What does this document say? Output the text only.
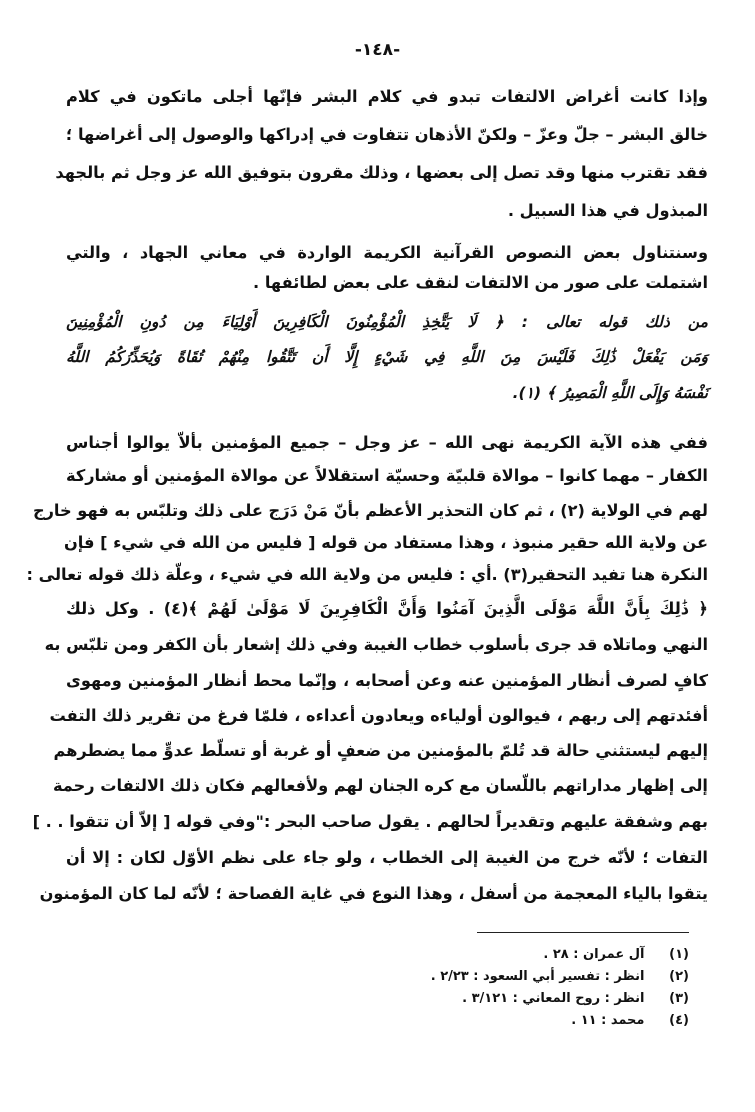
-١٤٨-
وإذا كانت أغراض الالتفات تبدو في كلام البشر فإنّها أجلى ماتكون في كلام
خالق البشر – جلّ وعزّ – ولكنّ الأذهان تتفاوت في إدراكها والوصول إلى أغراضها ؛
فقد تقترب منها وقد تصل إلى بعضها ، وذلك مقرون بتوفيق الله عز وجل ثم بالجهد
المبذول في هذا السبيل .
وسنتناول بعض النصوص القرآنية الكريمة الواردة في معاني الجهاد ، والتي
اشتملت على صور من الالتفات لنقف على بعض لطائفها .
من ذلك قوله تعالى : ﴿ لَا يَتَّخِذِ الْمُؤْمِنُونَ الْكَافِرِينَ أَوْلِيَاءَ مِن دُونِ الْمُؤْمِنِينَ
وَمَن يَفْعَلْ ذَٰلِكَ فَلَيْسَ مِنَ اللَّهِ فِي شَيْءٍ إِلَّا أَن تَتَّقُوا مِنْهُمْ تُقَاةً وَيُحَذِّرُكُمُ اللَّهُ
نَفْسَهُ وَإِلَى اللَّهِ الْمَصِيرُ ﴾ (١).
ففي هذه الآية الكريمة نهى الله – عز وجل – جميع المؤمنين بألاّ يوالوا أجناس
الكفار – مهما كانوا – موالاة قلبيّة وحسيّة استقلالاً عن موالاة المؤمنين أو مشاركة
لهم في الولاية (٢) ، ثم كان التحذير الأعظم بأنّ مَنْ دَرَج على ذلك وتلبّس به فهو خارج
عن ولاية الله حقير منبوذ ، وهذا مستفاد من قوله [ فليس من الله في شيء ] فإن
النكرة هنا تفيد التحقير(٣) .أي : فليس من ولاية الله في شيء ، وعلّة ذلك قوله تعالى :
﴿ ذَٰلِكَ بِأَنَّ اللَّهَ مَوْلَى الَّذِينَ آمَنُوا وَأَنَّ الْكَافِرِينَ لَا مَوْلَىٰ لَهُمْ ﴾(٤) . وكل ذلك
النهي وماتلاه قد جرى بأسلوب خطاب الغيبة وفي ذلك إشعار بأن الكفر ومن تلبّس به
كافٍ لصرف أنظار المؤمنين عنه وعن أصحابه ، وإنّما محط أنظار المؤمنين ومهوى
أفئدتهم إلى ربهم ، فيوالون أولياءه ويعادون أعداءه ، فلمّا فرغ من تقرير ذلك التفت
إليهم ليستثني حالة قد تُلمّ بالمؤمنين من ضعفٍ أو غربة أو تسلّط عدوٍّ مما يضطرهم
إلى إظهار مداراتهم باللّسان مع كره الجنان لهم ولأفعالهم فكان ذلك الالتفات رحمة
بهم وشفقة عليهم وتقديراً لحالهم . يقول صاحب البحر :"وفي قوله [ إلاّ أن تتقوا . . ]
التفات ؛ لأنّه خرج من الغيبة إلى الخطاب ، ولو جاء على نظم الأوّل لكان : إلا أن
يتقوا بالياء المعجمة من أسفل ، وهذا النوع في غاية الفصاحة ؛ لأنّه لما كان المؤمنون
(١) آل عمران : ٢٨ .
(٢) انظر : تفسير أبي السعود : ٢/٢٣ .
(٣) انظر : روح المعاني : ٣/١٢١ .
(٤) محمد : ١١ .
